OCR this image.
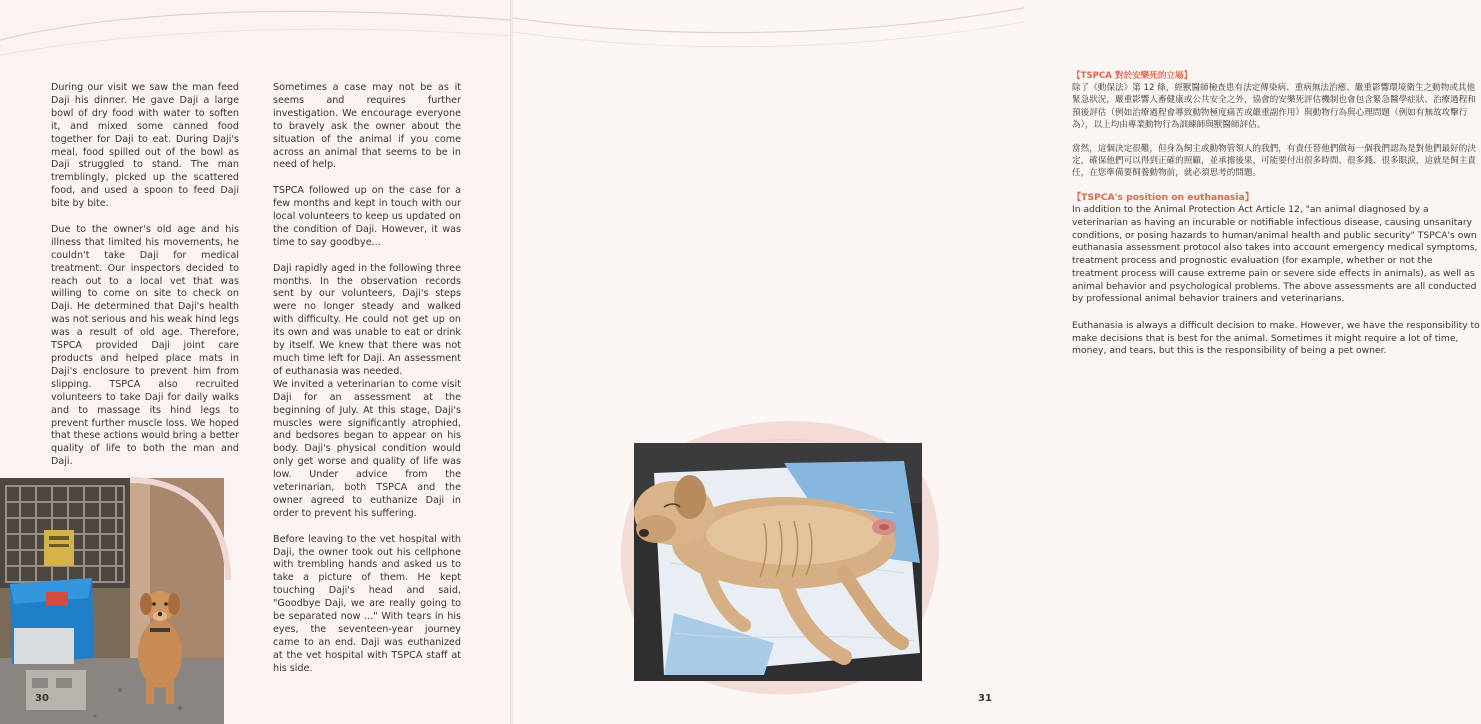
During our visit we saw the man feed Daji his dinner. He gave Daji a large bowl of dry food with water to soften it, and mixed some canned food together for Daji to eat. During Daji's meal, food spilled out of the bowl as Daji struggled to stand. The man tremblingly, picked up the scattered food, and used a spoon to feed Daji bite by bite.

Due to the owner's old age and his illness that limited his movements, he couldn't take Daji for medical treatment. Our inspectors decided to reach out to a local vet that was willing to come on site to check on Daji. He determined that Daji's health was not serious and his weak hind legs was a result of old age. Therefore, TSPCA provided Daji joint care products and helped place mats in Daji's enclosure to prevent him from slipping. TSPCA also recruited volunteers to take Daji for daily walks and to massage its hind legs to prevent further muscle loss. We hoped that these actions would bring a better quality of life to both the man and Daji.

Sometimes a case may not be as it seems and requires further investigation. We encourage everyone to bravely ask the owner about the situation of the animal if you come across an animal that seems to be in need of help.

TSPCA followed up on the case for a few months and kept in touch with our local volunteers to keep us updated on the condition of Daji. However, it was time to say goodbye...

Daji rapidly aged in the following three months. In the observation records sent by our volunteers, Daji's steps were no longer steady and walked with difficulty. He could not get up on its own and was unable to eat or drink by itself. We knew that there was not much time left for Daji. An assessment of euthanasia was needed.

We invited a veterinarian to come visit Daji for an assessment at the beginning of July. At this stage, Daji's muscles were significantly atrophied, and bedsores began to appear on his body. Daji's physical condition would only get worse and quality of life was low. Under advice from the veterinarian, both TSPCA and the owner agreed to euthanize Daji in order to prevent his suffering.

Before leaving to the vet hospital with Daji, the owner took out his cellphone with trembling hands and asked us to take a picture of them. He kept touching Daji's head and said, "Goodbye Daji, we are really going to be separated now ..." With tears in his eyes, the seventeen-year journey came to an end. Daji was euthanized at the vet hospital with TSPCA staff at his side.

30

【TSPCA 對於安樂死的立場】

除了《動保法》第 12 條，經獸醫師檢查患有法定傳染病、重病無法治癒、嚴重影響環境衛生之動物或其他緊急狀況，嚴重影響人畜健康或公共安全之外，協會的安樂死評估機制也會包含緊急醫學症狀、治療過程和預後評估（例如治療過程會導致動物極度痛苦或嚴重副作用）與動物行為與心理問題（例如有無故攻擊行為），以上均由專業動物行為訓練師與獸醫師評估。

當然，這個決定很難，但身為飼主或動物管領人的我們，有責任替他們做每一個我們認為是對他們最好的決定，確保他們可以得到正確的照顧，並承擔後果，可能要付出很多時間、很多錢、很多眼淚，這就是飼主責任，在您準備要飼養動物前，就必須思考的問題。

【TSPCA's position on euthanasia】

In addition to the Animal Protection Act Article 12, "an animal diagnosed by a veterinarian as having an incurable or notifiable infectious disease, causing unsanitary conditions, or posing hazards to human/animal health and public security" TSPCA's own euthanasia assessment protocol also takes into account emergency medical symptoms, treatment process and prognostic evaluation (for example, whether or not the treatment process will cause extreme pain or severe side effects in animals), as well as animal behavior and psychological problems. The above assessments are all conducted by professional animal behavior trainers and veterinarians.

Euthanasia is always a difficult decision to make. However, we have the responsibility to make decisions that is best for the animal. Sometimes it might require a lot of time, money, and tears, but this is the responsibility of being a pet owner.

31
